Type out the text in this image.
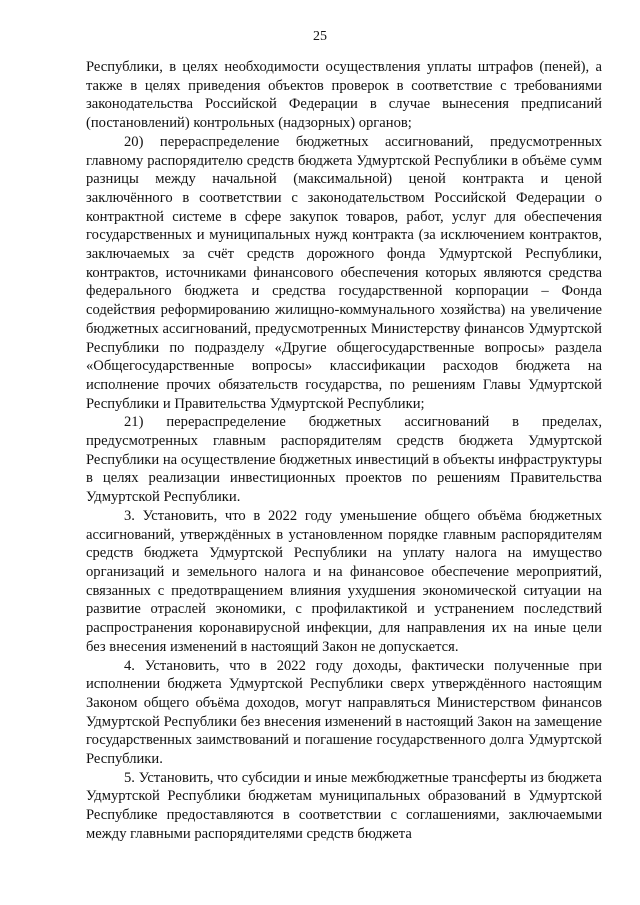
25

Республики, в целях необходимости осуществления уплаты штрафов (пеней), а также в целях приведения объектов проверок в соответствие с требованиями законодательства Российской Федерации в случае вынесения предписаний (постановлений) контрольных (надзорных) органов;

20) перераспределение бюджетных ассигнований, предусмотренных главному распорядителю средств бюджета Удмуртской Республики в объёме сумм разницы между начальной (максимальной) ценой контракта и ценой заключённого в соответствии с законодательством Российской Федерации о контрактной системе в сфере закупок товаров, работ, услуг для обеспечения государственных и муниципальных нужд контракта (за исключением контрактов, заключаемых за счёт средств дорожного фонда Удмуртской Республики, контрактов, источниками финансового обеспечения которых являются средства федерального бюджета и средства государственной корпорации – Фонда содействия реформированию жилищно-коммунального хозяйства) на увеличение бюджетных ассигнований, предусмотренных Министерству финансов Удмуртской Республики по подразделу «Другие общегосударственные вопросы» раздела «Общегосударственные вопросы» классификации расходов бюджета на исполнение прочих обязательств государства, по решениям Главы Удмуртской Республики и Правительства Удмуртской Республики;

21) перераспределение бюджетных ассигнований в пределах, предусмотренных главным распорядителям средств бюджета Удмуртской Республики на осуществление бюджетных инвестиций в объекты инфраструктуры в целях реализации инвестиционных проектов по решениям Правительства Удмуртской Республики.

3. Установить, что в 2022 году уменьшение общего объёма бюджетных ассигнований, утверждённых в установленном порядке главным распорядителям средств бюджета Удмуртской Республики на уплату налога на имущество организаций и земельного налога и на финансовое обеспечение мероприятий, связанных с предотвращением влияния ухудшения экономической ситуации на развитие отраслей экономики, с профилактикой и устранением последствий распространения коронавирусной инфекции, для направления их на иные цели без внесения изменений в настоящий Закон не допускается.

4. Установить, что в 2022 году доходы, фактически полученные при исполнении бюджета Удмуртской Республики сверх утверждённого настоящим Законом общего объёма доходов, могут направляться Министерством финансов Удмуртской Республики без внесения изменений в настоящий Закон на замещение государственных заимствований и погашение государственного долга Удмуртской Республики.

5. Установить, что субсидии и иные межбюджетные трансферты из бюджета Удмуртской Республики бюджетам муниципальных образований в Удмуртской Республике предоставляются в соответствии с соглашениями, заключаемыми между главными распорядителями средств бюджета
